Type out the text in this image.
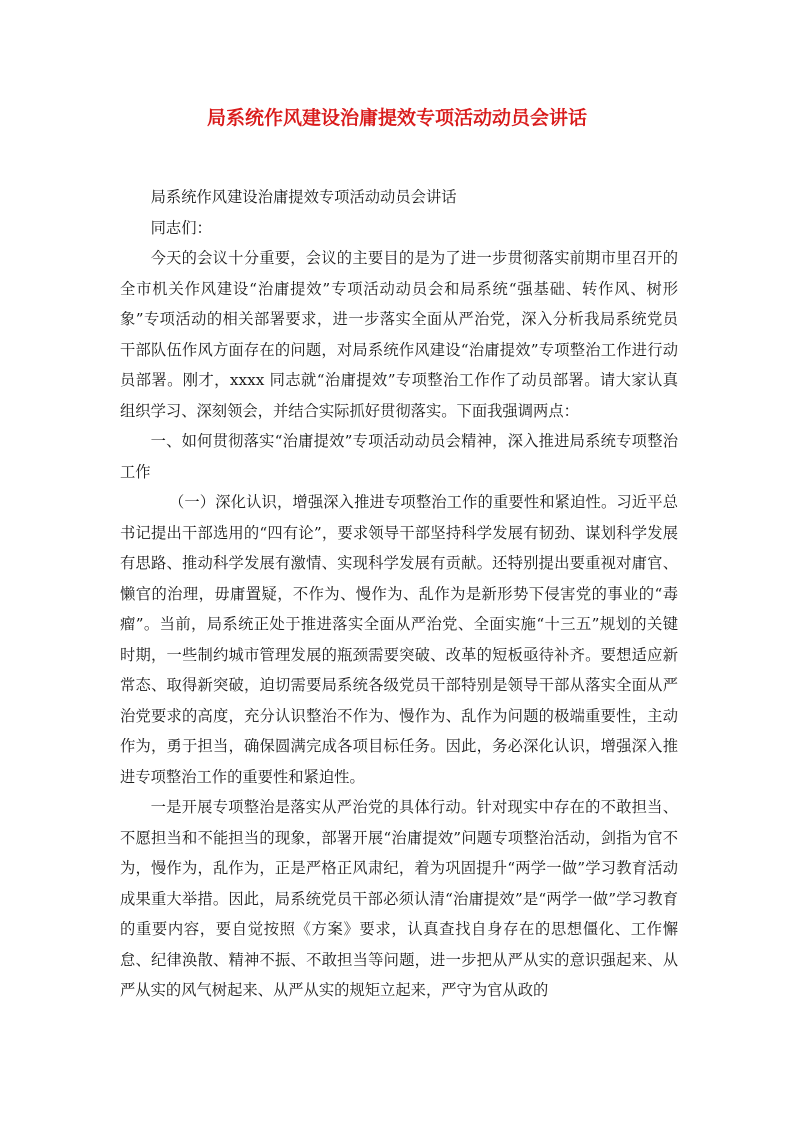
局系统作风建设治庸提效专项活动动员会讲话

局系统作风建设治庸提效专项活动动员会讲话

同志们：

今天的会议十分重要，会议的主要目的是为了进一步贯彻落实前期市里召开的全市机关作风建设“治庸提效”专项活动动员会和局系统“强基础、转作风、树形象”专项活动的相关部署要求，进一步落实全面从严治党，深入分析我局系统党员干部队伍作风方面存在的问题，对局系统作风建设“治庸提效”专项整治工作进行动员部署。刚才，xxxx 同志就“治庸提效”专项整治工作作了动员部署。请大家认真组织学习、深刻领会，并结合实际抓好贯彻落实。下面我强调两点：

一、如何贯彻落实“治庸提效”专项活动动员会精神，深入推进局系统专项整治工作

（一）深化认识，增强深入推进专项整治工作的重要性和紧迫性。习近平总书记提出干部选用的“四有论”，要求领导干部坚持科学发展有韧劲、谋划科学发展有思路、推动科学发展有激情、实现科学发展有贡献。还特别提出要重视对庸官、懒官的治理，毋庸置疑，不作为、慢作为、乱作为是新形势下侵害党的事业的“毒瘤”。当前，局系统正处于推进落实全面从严治党、全面实施“十三五”规划的关键时期，一些制约城市管理发展的瓶颈需要突破、改革的短板亟待补齐。要想适应新常态、取得新突破，迫切需要局系统各级党员干部特别是领导干部从落实全面从严治党要求的高度，充分认识整治不作为、慢作为、乱作为问题的极端重要性，主动作为，勇于担当，确保圆满完成各项目标任务。因此，务必深化认识，增强深入推进专项整治工作的重要性和紧迫性。

一是开展专项整治是落实从严治党的具体行动。针对现实中存在的不敢担当、不愿担当和不能担当的现象，部署开展“治庸提效”问题专项整治活动，剑指为官不为，慢作为，乱作为，正是严格正风肃纪，着为巩固提升“两学一做”学习教育活动成果重大举措。因此，局系统党员干部必须认清“治庸提效”是“两学一做”学习教育的重要内容，要自觉按照《方案》要求，认真查找自身存在的思想僵化、工作懈怠、纪律涣散、精神不振、不敢担当等问题，进一步把从严从实的意识强起来、从严从实的风气树起来、从严从实的规矩立起来，严守为官从政的
